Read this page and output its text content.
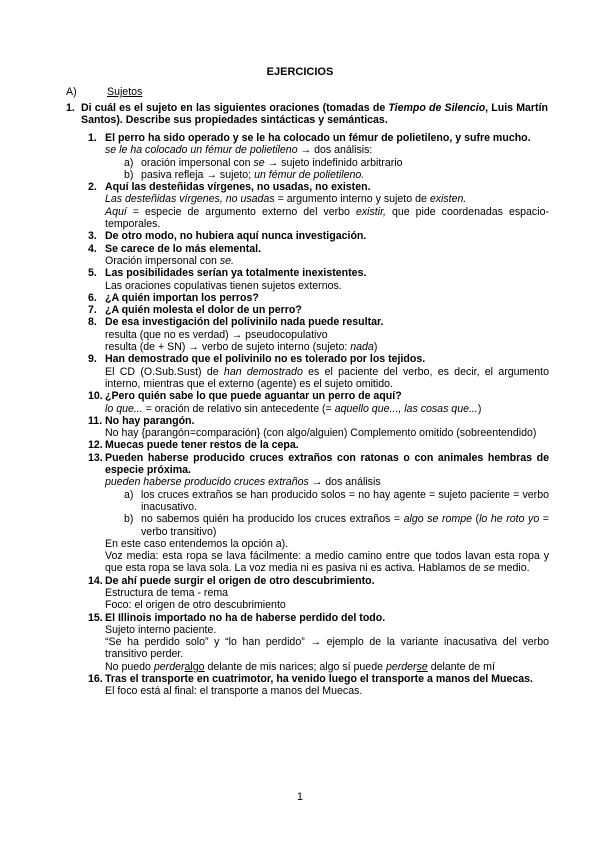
EJERCICIOS
A)	Sujetos
1. Di cuál es el sujeto en las siguientes oraciones (tomadas de Tiempo de Silencio, Luis Martín Santos). Describe sus propiedades sintácticas y semánticas.
1. El perro ha sido operado y se le ha colocado un fémur de polietileno, y sufre mucho.
se le ha colocado un fémur de polietileno → dos análisis:
a) oración impersonal con se → sujeto indefinido arbitrario
b) pasiva refleja → sujeto; un fémur de polietileno.
2. Aquí las desteñidas vírgenes, no usadas, no existen.
Las desteñidas vírgenes, no usadas = argumento interno y sujeto de existen.
Aquí = especie de argumento externo del verbo existir, que pide coordenadas espacio-temporales.
3. De otro modo, no hubiera aquí nunca investigación.
4. Se carece de lo más elemental.
Oración impersonal con se.
5. Las posibilidades serían ya totalmente inexistentes.
Las oraciones copulativas tienen sujetos externos.
6. ¿A quién importan los perros?
7. ¿A quién molesta el dolor de un perro?
8. De esa investigación del polivinilo nada puede resultar.
resulta (que no es verdad) → pseudocopulativo
resulta (de + SN) → verbo de sujeto interno (sujeto: nada)
9. Han demostrado que el polivinilo no es tolerado por los tejidos.
El CD (O.Sub.Sust) de han demostrado es el paciente del verbo, es decir, el argumento interno, mientras que el externo (agente) es el sujeto omitido.
10. ¿Pero quién sabe lo que puede aguantar un perro de aquí?
lo que... = oración de relativo sin antecedente (= aquello que..., las cosas que...)
11. No hay parangón.
No hay {parangón=comparación} (con algo/alguien) Complemento omitido (sobreentendido)
12. Muecas puede tener restos de la cepa.
13. Pueden haberse producido cruces extraños con ratonas o con animales hembras de especie próxima.
pueden haberse producido cruces extraños → dos análisis
a) los cruces extraños se han producido solos = no hay agente = sujeto paciente = verbo inacusativo.
b) no sabemos quién ha producido los cruces extraños = algo se rompe (lo he roto yo = verbo transitivo)
En este caso entendemos la opción a).
Voz media: esta ropa se lava fácilmente: a medio camino entre que todos lavan esta ropa y que esta ropa se lava sola. La voz media ni es pasiva ni es activa. Hablamos de se medio.
14. De ahí puede surgir el origen de otro descubrimiento.
Estructura de tema - rema
Foco: el origen de otro descubrimiento
15. El Illinois importado no ha de haberse perdido del todo.
Sujeto interno paciente.
“Se ha perdido solo” y “lo han perdido” → ejemplo de la variante inacusativa del verbo transitivo perder.
No puedo perderalgo delante de mis narices; algo sí puede perderse delante de mí
16. Tras el transporte en cuatrimotor, ha venido luego el transporte a manos del Muecas.
El foco está al final: el transporte a manos del Muecas.
1
